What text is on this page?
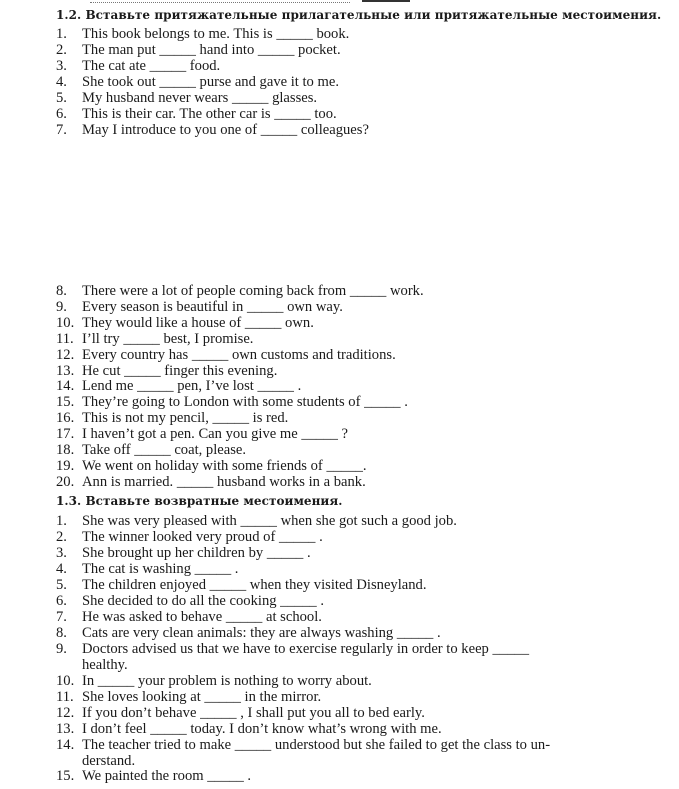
1.2. Вставьте притяжательные прилагательные или притяжательные местоимения.
1. This book belongs to me. This is _____ book.
2. The man put _____ hand into _____ pocket.
3. The cat ate _____ food.
4. She took out _____ purse and gave it to me.
5. My husband never wears _____ glasses.
6. This is their car. The other car is _____ too.
7. May I introduce to you one of _____ colleagues?
8. There were a lot of people coming back from _____ work.
9. Every season is beautiful in _____ own way.
10. They would like a house of _____ own.
11. I’ll try _____ best, I promise.
12. Every country has _____ own customs and traditions.
13. He cut _____ finger this evening.
14. Lend me _____ pen, I’ve lost _____ .
15. They’re going to London with some students of _____ .
16. This is not my pencil, _____ is red.
17. I haven’t got a pen. Can you give me _____ ?
18. Take off _____ coat, please.
19. We went on holiday with some friends of _____.
20. Ann is married. _____ husband works in a bank.
1.3. Вставьте возвратные местоимения.
1. She was very pleased with _____ when she got such a good job.
2. The winner looked very proud of _____ .
3. She brought up her children by _____ .
4. The cat is washing _____ .
5. The children enjoyed _____ when they visited Disneyland.
6. She decided to do all the cooking _____ .
7. He was asked to behave _____ at school.
8. Cats are very clean animals: they are always washing _____ .
9. Doctors advised us that we have to exercise regularly in order to keep _____
healthy.
10. In _____ your problem is nothing to worry about.
11. She loves looking at _____ in the mirror.
12. If you don’t behave _____ , I shall put you all to bed early.
13. I don’t feel _____ today. I don’t know what’s wrong with me.
14. The teacher tried to make _____ understood but she failed to get the class to un-
derstand.
15. We painted the room _____ .
